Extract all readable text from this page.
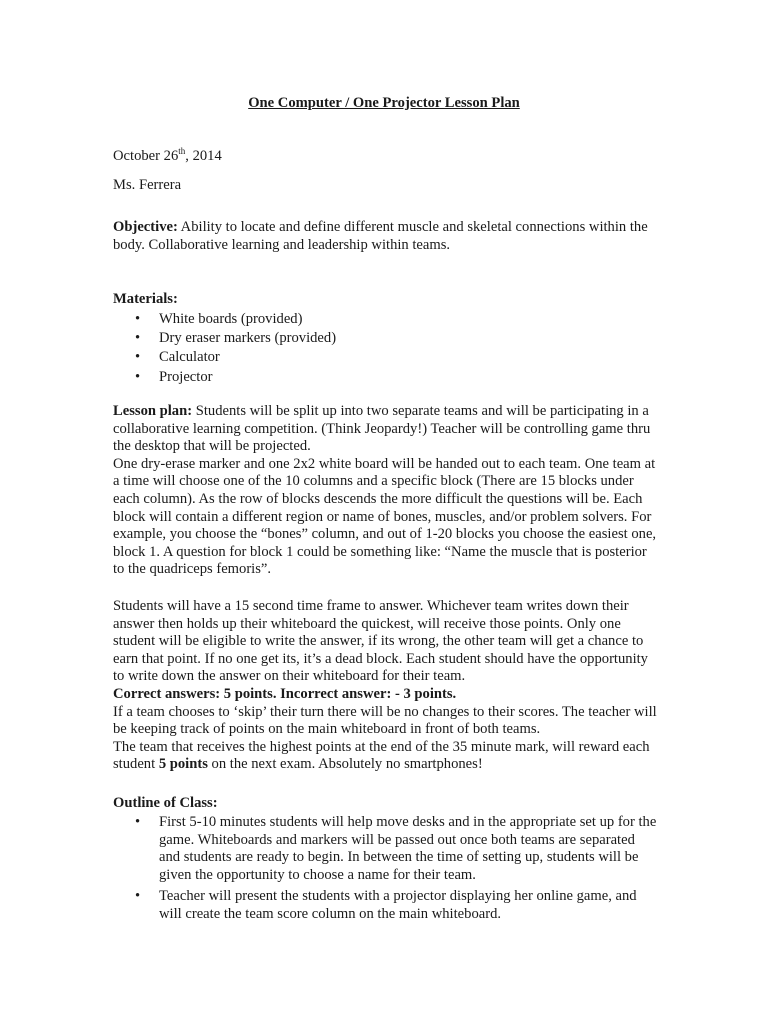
One Computer / One Projector Lesson Plan

October 26th, 2014

Ms. Ferrera

Objective: Ability to locate and define different muscle and skeletal connections within the body. Collaborative learning and leadership within teams.

Materials:

• White boards (provided)
• Dry eraser markers (provided)
• Calculator
• Projector

Lesson plan: Students will be split up into two separate teams and will be participating in a collaborative learning competition. (Think Jeopardy!) Teacher will be controlling game thru the desktop that will be projected.

One dry-erase marker and one 2x2 white board will be handed out to each team. One team at a time will choose one of the 10 columns and a specific block (There are 15 blocks under each column). As the row of blocks descends the more difficult the questions will be. Each block will contain a different region or name of bones, muscles, and/or problem solvers. For example, you choose the “bones” column, and out of 1-20 blocks you choose the easiest one, block 1. A question for block 1 could be something like: “Name the muscle that is posterior to the quadriceps femoris”.

Students will have a 15 second time frame to answer. Whichever team writes down their answer then holds up their whiteboard the quickest, will receive those points. Only one student will be eligible to write the answer, if its wrong, the other team will get a chance to earn that point. If no one get its, it’s a dead block. Each student should have the opportunity to write down the answer on their whiteboard for their team.

Correct answers: 5 points. Incorrect answer: - 3 points.

If a team chooses to ‘skip’ their turn there will be no changes to their scores. The teacher will be keeping track of points on the main whiteboard in front of both teams.

The team that receives the highest points at the end of the 35 minute mark, will reward each student 5 points on the next exam. Absolutely no smartphones!

Outline of Class:

• First 5-10 minutes students will help move desks and in the appropriate set up for the game. Whiteboards and markers will be passed out once both teams are separated and students are ready to begin. In between the time of setting up, students will be given the opportunity to choose a name for their team.
• Teacher will present the students with a projector displaying her online game, and will create the team score column on the main whiteboard.
